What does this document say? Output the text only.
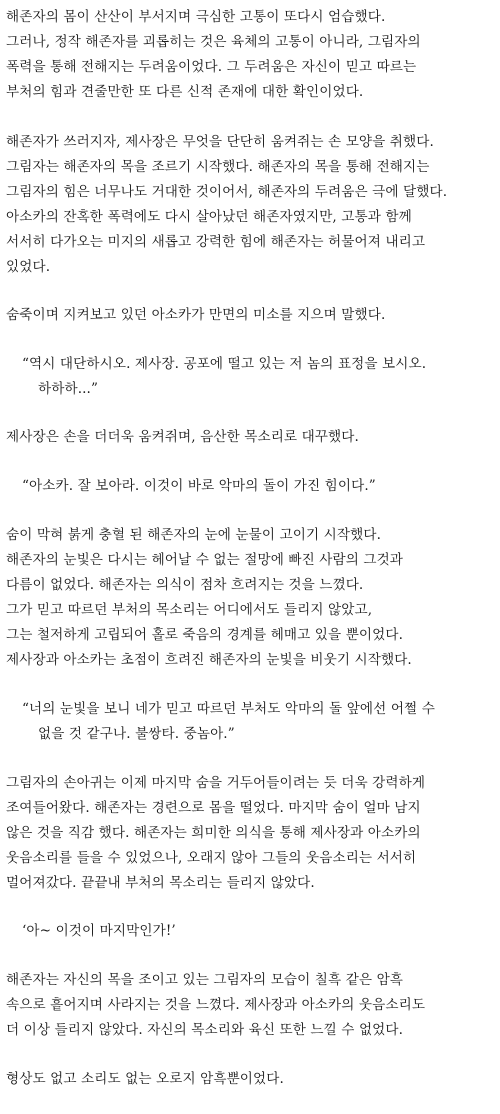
해존자의 몸이 산산이 부서지며 극심한 고통이 또다시 엄습했다.
그러나, 정작 해존자를 괴롭히는 것은 육체의 고통이 아니라, 그림자의
폭력을 통해 전해지는 두려움이었다. 그 두려움은 자신이 믿고 따르는
부처의 힘과 견줄만한 또 다른 신적 존재에 대한 확인이었다.
해존자가 쓰러지자, 제사장은 무엇을 단단히 움켜쥐는 손 모양을 취했다.
그림자는 해존자의 목을 조르기 시작했다. 해존자의 목을 통해 전해지는
그림자의 힘은 너무나도 거대한 것이어서, 해존자의 두려움은 극에 달했다.
아소카의 잔혹한 폭력에도 다시 살아났던 해존자였지만, 고통과 함께
서서히 다가오는 미지의 새롭고 강력한 힘에 해존자는 허물어져 내리고
있었다.
숨죽이며 지켜보고 있던 아소카가 만면의 미소를 지으며 말했다.
“역시 대단하시오. 제사장. 공포에 떨고 있는 저 놈의 표정을 보시오.
하하하...”
제사장은 손을 더더욱 움켜쥐며, 음산한 목소리로 대꾸했다.
“아소카. 잘 보아라. 이것이 바로 악마의 돌이 가진 힘이다.”
숨이 막혀 붉게 충혈 된 해존자의 눈에 눈물이 고이기 시작했다.
해존자의 눈빛은 다시는 헤어날 수 없는 절망에 빠진 사람의 그것과
다름이 없었다. 해존자는 의식이 점차 흐려지는 것을 느꼈다.
그가 믿고 따르던 부처의 목소리는 어디에서도 들리지 않았고,
그는 철저하게 고립되어 홀로 죽음의 경계를 헤매고 있을 뿐이었다.
제사장과 아소카는 초점이 흐려진 해존자의 눈빛을 비웃기 시작했다.
“너의 눈빛을 보니 네가 믿고 따르던 부처도 악마의 돌 앞에선 어쩔 수
없을 것 같구나. 불쌍타. 중놈아.”
그림자의 손아귀는 이제 마지막 숨을 거두어들이려는 듯 더욱 강력하게
조여들어왔다. 해존자는 경련으로 몸을 떨었다. 마지막 숨이 얼마 남지
않은 것을 직감 했다. 해존자는 희미한 의식을 통해 제사장과 아소카의
웃음소리를 들을 수 있었으나, 오래지 않아 그들의 웃음소리는 서서히
멀어져갔다. 끝끝내 부처의 목소리는 들리지 않았다.
‘아~ 이것이 마지막인가!’
해존자는 자신의 목을 조이고 있는 그림자의 모습이 칠흑 같은 암흑
속으로 흩어지며 사라지는 것을 느꼈다. 제사장과 아소카의 웃음소리도
더 이상 들리지 않았다. 자신의 목소리와 육신 또한 느낄 수 없었다.
형상도 없고 소리도 없는 오로지 암흑뿐이었다.
